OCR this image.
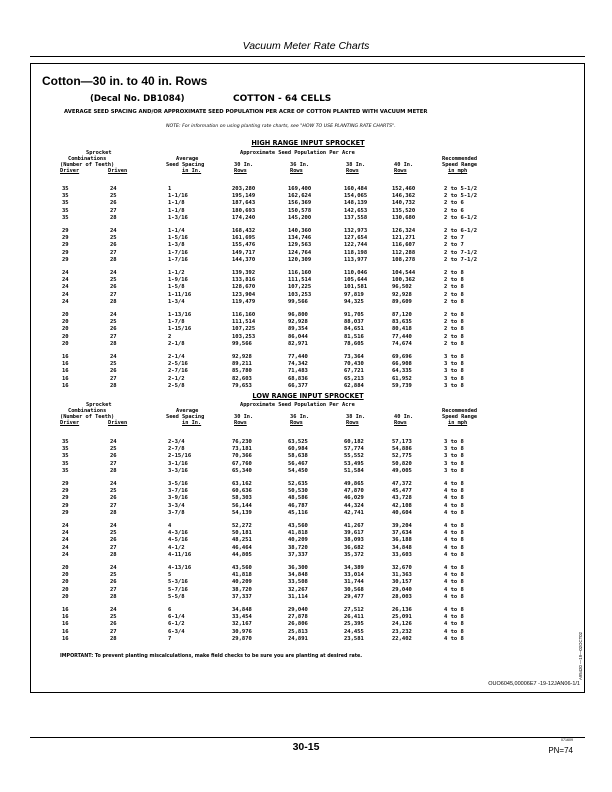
Vacuum Meter Rate Charts
Cotton—30 in. to 40 in. Rows
(Decal No. DB1084)	COTTON - 64 CELLS
AVERAGE SEED SPACING AND/OR APPROXIMATE SEED POPULATION PER ACRE OF COTTON PLANTED WITH VACUUM METER
NOTE: For information on using planting rate charts, see "HOW TO USE PLANTING RATE CHARTS".
HIGH RANGE INPUT SPROCKET
Sprocket
Combinations
(Number of Teeth)
Driver	Driven
Average
Seed Spacing
in In.
Approximate Seed Population Per Acre
30 In.
Rows
36 In.
Rows
38 In.
Rows
40 In.
Rows
Recommended
Speed Range
in mph
35	24	1	203,280	169,400	160,484	152,460	2 to 5-1/2
35	25	1-1/16	195,149	162,624	154,065	146,362	2 to 5-1/2
35	26	1-1/8	187,643	156,369	148,139	140,732	2 to 6
35	27	1-1/8	180,693	150,578	142,653	135,520	2 to 6
35	28	1-3/16	174,240	145,200	137,558	130,680	2 to 6-1/2
29	24	1-1/4	168,432	140,360	132,973	126,324	2 to 6-1/2
29	25	1-5/16	161,695	134,746	127,654	121,271	2 to 7
29	26	1-3/8	155,476	129,563	122,744	116,607	2 to 7
29	27	1-7/16	149,717	124,764	118,198	112,288	2 to 7-1/2
29	28	1-7/16	144,370	120,309	113,977	108,278	2 to 7-1/2
24	24	1-1/2	139,392	116,160	110,046	104,544	2 to 8
24	25	1-9/16	133,816	111,514	105,644	100,362	2 to 8
24	26	1-5/8	128,670	107,225	101,581	96,502	2 to 8
24	27	1-11/16	123,904	103,253	97,819	92,928	2 to 8
24	28	1-3/4	119,479	99,566	94,325	89,609	2 to 8
20	24	1-13/16	116,160	96,800	91,705	87,120	2 to 8
20	25	1-7/8	111,514	92,928	88,037	83,635	2 to 8
20	26	1-15/16	107,225	89,354	84,651	80,418	2 to 8
20	27	2	103,253	86,044	81,516	77,440	2 to 8
20	28	2-1/8	99,566	82,971	78,605	74,674	2 to 8
16	24	2-1/4	92,928	77,440	73,364	69,696	3 to 8
16	25	2-5/16	89,211	74,342	70,430	66,908	3 to 8
16	26	2-7/16	85,780	71,483	67,721	64,335	3 to 8
16	27	2-1/2	82,603	68,836	65,213	61,952	3 to 8
16	28	2-5/8	79,653	66,377	62,884	59,739	3 to 8
LOW RANGE INPUT SPROCKET
Sprocket
Combinations
(Number of Teeth)
Driver	Driven
Average
Seed Spacing
in In.
Approximate Seed Population Per Acre
30 In.
Rows
36 In.
Rows
38 In.
Rows
40 In.
Rows
Recommended
Speed Range
in mph
35	24	2-3/4	76,230	63,525	60,182	57,173	3 to 8
35	25	2-7/8	73,181	60,984	57,774	54,886	3 to 8
35	26	2-15/16	70,366	58,638	55,552	52,775	3 to 8
35	27	3-1/16	67,760	56,467	53,495	50,820	3 to 8
35	28	3-3/16	65,340	54,450	51,584	49,005	3 to 8
29	24	3-5/16	63,162	52,635	49,865	47,372	4 to 8
29	25	3-7/16	60,636	50,530	47,870	45,477	4 to 8
29	26	3-9/16	58,303	48,586	46,029	43,728	4 to 8
29	27	3-3/4	56,144	46,787	44,324	42,108	4 to 8
29	28	3-7/8	54,139	45,116	42,741	40,604	4 to 8
24	24	4	52,272	43,560	41,267	39,204	4 to 8
24	25	4-3/16	50,181	41,818	39,617	37,634	4 to 8
24	26	4-5/16	48,251	40,209	38,093	36,188	4 to 8
24	27	4-1/2	46,464	38,720	36,682	34,848	4 to 8
24	28	4-11/16	44,805	37,337	35,372	33,603	4 to 8
20	24	4-13/16	43,560	36,300	34,389	32,670	4 to 8
20	25	5	41,818	34,848	33,014	31,363	4 to 8
20	26	5-3/16	40,209	33,508	31,744	30,157	4 to 8
20	27	5-7/16	38,720	32,267	30,568	29,040	4 to 8
20	28	5-5/8	37,337	31,114	29,477	28,003	4 to 8
16	24	6	34,848	29,040	27,512	26,136	4 to 8
16	25	6-1/4	33,454	27,878	26,411	25,091	4 to 8
16	26	6-1/2	32,167	26,806	25,395	24,126	4 to 8
16	27	6-3/4	30,976	25,813	24,455	23,232	4 to 8
16	28	7	29,870	24,891	23,581	22,402	4 to 8
IMPORTANT: To prevent planting miscalculations, make field checks to be sure you are planting at desired rate.	A95420 —19—02OCT02
OUO6045,00006E7 -19-12JAN06-1/1
30-15
071609
PN=74
